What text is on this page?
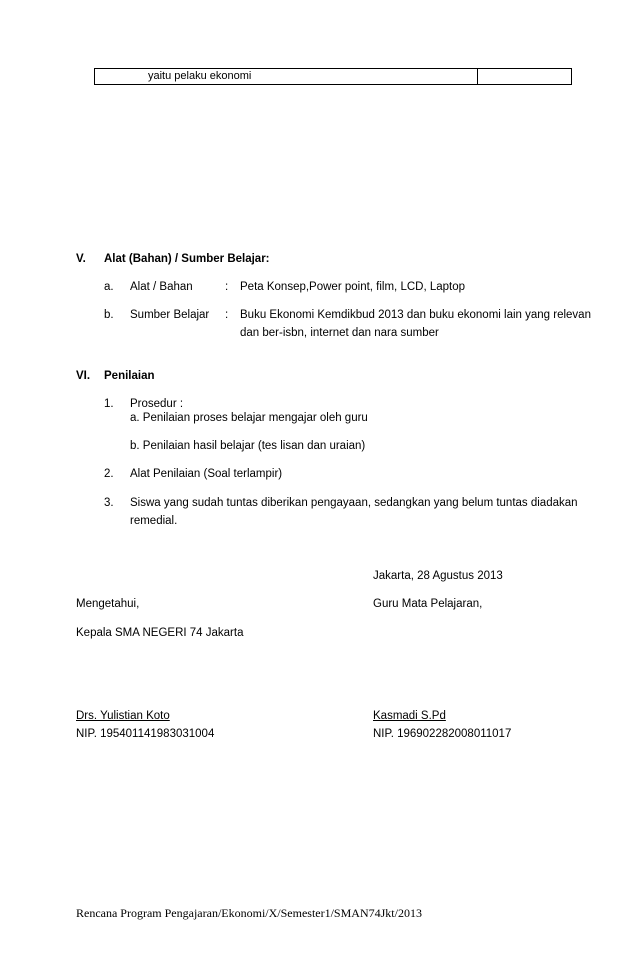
yaitu pelaku ekonomi
V. Alat (Bahan) / Sumber Belajar:
a. Alat / Bahan	: Peta Konsep,Power point, film, LCD, Laptop
b. Sumber Belajar : Buku Ekonomi Kemdikbud 2013 dan buku ekonomi lain yang relevan
dan ber-isbn, internet dan nara sumber
VI. Penilaian
1. Prosedur :
a. Penilaian proses belajar mengajar oleh guru
b. Penilaian hasil belajar (tes lisan dan uraian)
2. Alat Penilaian (Soal terlampir)
3. Siswa yang sudah tuntas diberikan pengayaan, sedangkan yang belum tuntas diadakan
remedial.
Jakarta, 28 Agustus 2013
Mengetahui,	Guru Mata Pelajaran,
Kepala SMA NEGERI 74 Jakarta
Drs. Yulistian Koto	Kasmadi S.Pd
NIP. 195401141983031004	NIP. 196902282008011017
Rencana Program Pengajaran/Ekonomi/X/Semester1/SMAN74Jkt/2013
